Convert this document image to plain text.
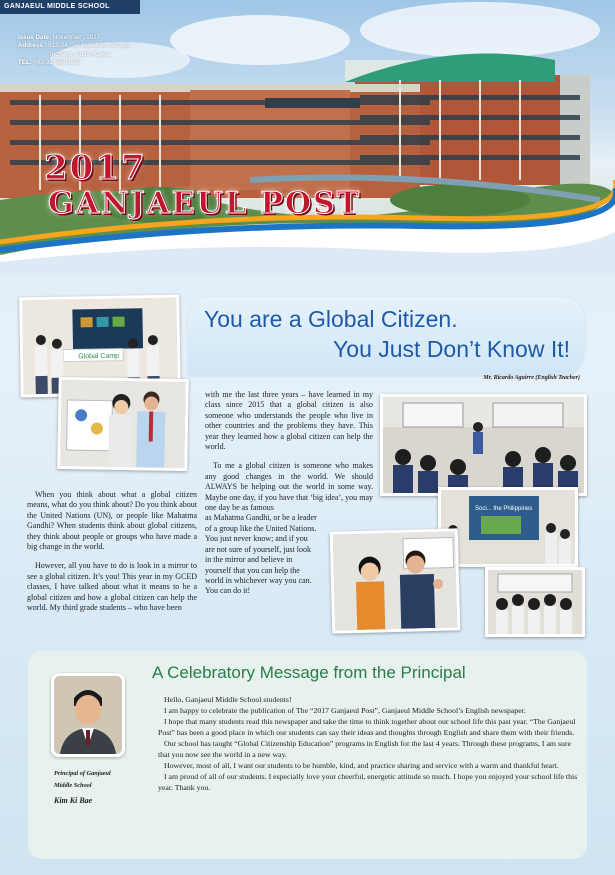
GANJAEUL MIDDLE SCHOOL
Issue Date: November , 2017
Address : 512-34, Seunghak-ro, Seo-gu,
Incheon, South Korea
TEL: +82-32-568-1630
2017
GANJAEUL POST
You are a Global Citizen.
You Just Don’t Know It!
Mr. Ricardo Aguirre (English Teacher)
Global Camp
Soci... the Philippines

When you think about what a global citizen means, what do you think about? Do you think about the United Nations (UN), or people like Mahatma Gandhi? When students think about global citizens, they think about people or groups who have made a big change in the world.

However, all you have to do is look in a mirror to see a global citizen. It’s you! This year in my GCED classes, I have talked about what it means to be a global citizen and how a global citizen can help the world. My third grade students – who have been

with me the last three years – have learned in my class since 2015 that a global citizen is also someone who understands the people who live in other countries and the problems they have. This year they learned how a global citizen can help the world.

To me a global citizen is someone who makes any good changes in the world. We should ALWAYS be helping out the world in some way. Maybe one day, if you have that ‘big idea’, you may one day be as famous

as Mahatma Gandhi, or be a leader of a group like the United Nations. You just never know; and if you are not sure of yourself, just look in the mirror and believe in yourself that you can help the world in whichever way you can. You can do it!
A Celebratory Message from the Principal
Principal of Ganjaeul
Middle School
Kim Ki Bae

Hello, Ganjaeul Middle School students!

I am happy to celebrate the publication of The “2017 Ganjaeul Post”, Ganjaeul Middle School’s English newspaper.

I hope that many students read this newspaper and take the time to think together about our school life this past year. “The Ganjaeul Post” has been a good place in which our students can say their ideas and thoughts through English and share them with their friends.

Our school has taught “Global Citizenship Education” programs in English for the last 4 years. Through these programs, I am sure that you now see the world in a new way.

However, most of all, I want our students to be humble, kind, and practice sharing and service with a warm and thankful heart.

I am proud of all of our students. I especially love your cheerful, energetic attitude so much. I hope you enjoyed your school life this year. Thank you.
